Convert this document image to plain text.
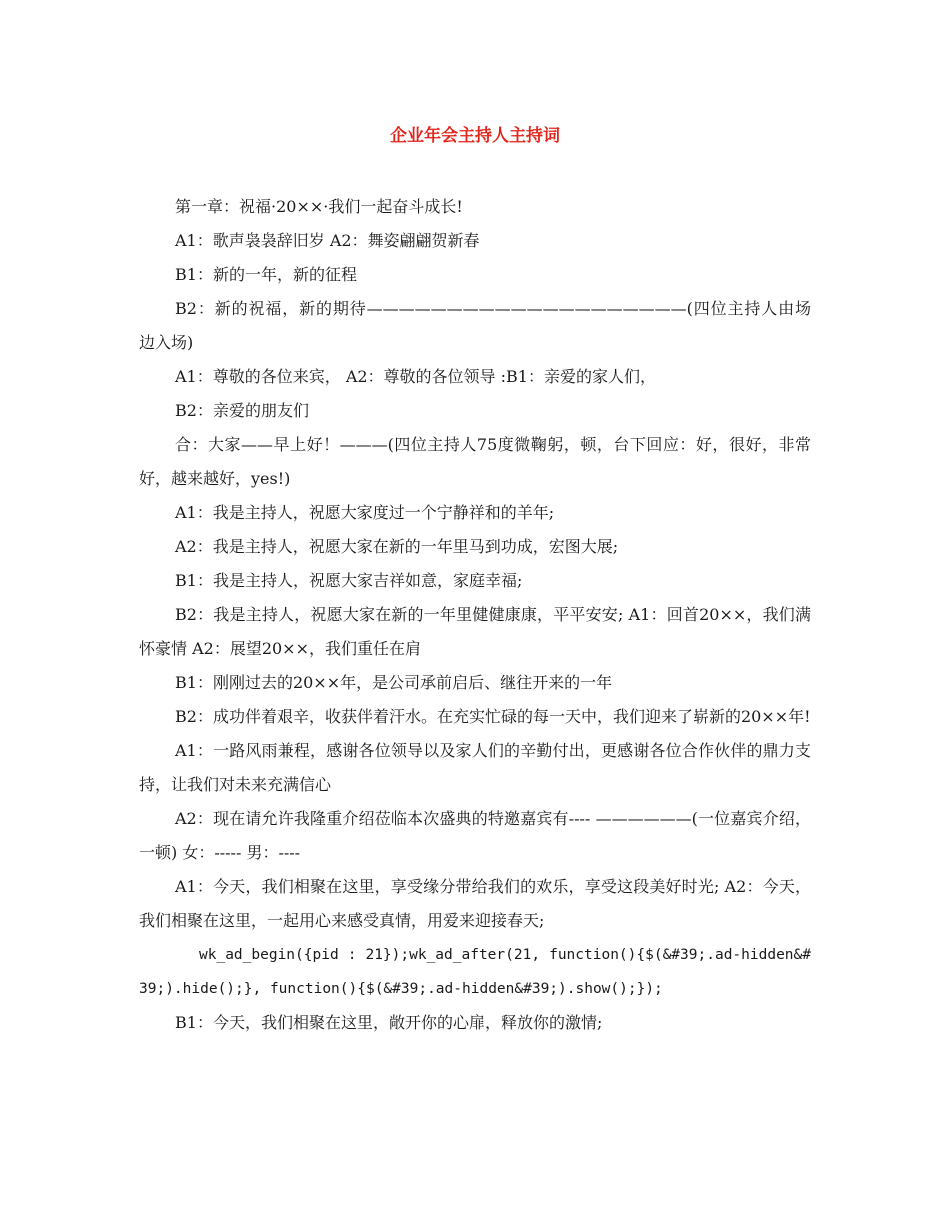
企业年会主持人主持词

第一章：祝福·20××·我们一起奋斗成长!

A1：歌声袅袅辞旧岁 A2：舞姿翩翩贺新春

B1：新的一年，新的征程

B2：新的祝福，新的期待————————————————————(四位主持人由场边入场)

A1：尊敬的各位来宾， A2：尊敬的各位领导 :B1：亲爱的家人们，

B2：亲爱的朋友们

合：大家——早上好！———(四位主持人75度微鞠躬，顿，台下回应：好，很好，非常好，越来越好，yes!)

A1：我是主持人，祝愿大家度过一个宁静祥和的羊年;

A2：我是主持人，祝愿大家在新的一年里马到功成，宏图大展;

B1：我是主持人，祝愿大家吉祥如意，家庭幸福;

B2：我是主持人，祝愿大家在新的一年里健健康康，平平安安; A1：回首20××，我们满怀豪情 A2：展望20××，我们重任在肩

B1：刚刚过去的20××年，是公司承前启后、继往开来的一年

B2：成功伴着艰辛，收获伴着汗水。在充实忙碌的每一天中，我们迎来了崭新的20××年!

A1：一路风雨兼程，感谢各位领导以及家人们的辛勤付出，更感谢各位合作伙伴的鼎力支持，让我们对未来充满信心

A2：现在请允许我隆重介绍莅临本次盛典的特邀嘉宾有---- ——————(一位嘉宾介绍，一顿) 女：----- 男：----

A1：今天，我们相聚在这里，享受缘分带给我们的欢乐，享受这段美好时光; A2：今天，我们相聚在这里，一起用心来感受真情，用爱来迎接春天;

wk_ad_begin({pid : 21});wk_ad_after(21, function(){$(&#39;.ad-hidden&#39;).hide();}, function(){$(&#39;.ad-hidden&#39;).show();});

B1：今天，我们相聚在这里，敞开你的心扉，释放你的激情;
